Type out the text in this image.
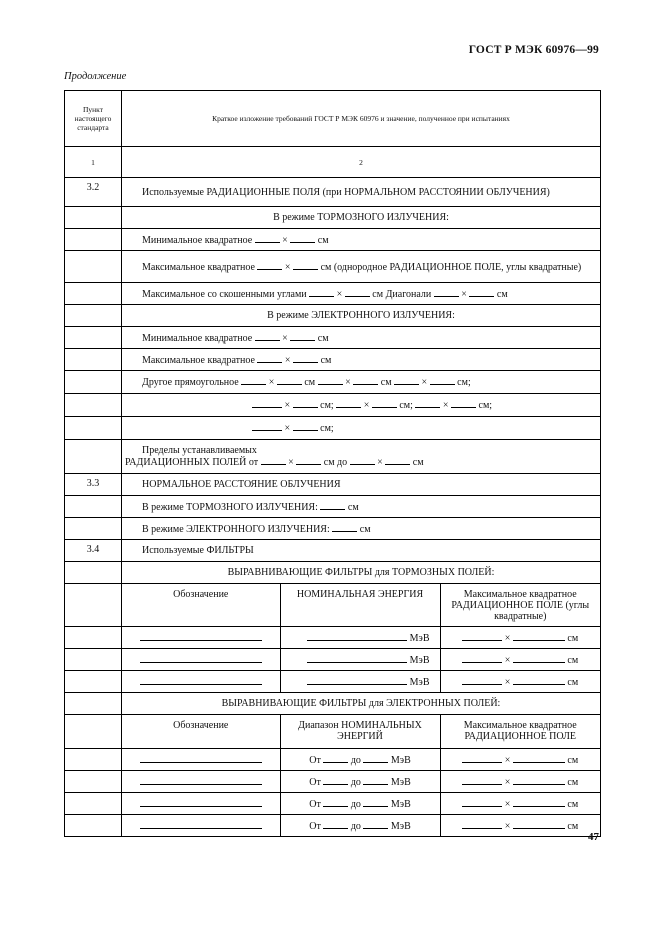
ГОСТ Р МЭК 60976—99
Продолжение
Пункт настоящего стандарта	Краткое изложение требований ГОСТ Р МЭК 60976 и значение, полученное при испытаниях
1	2
3.2	Используемые РАДИАЦИОННЫЕ ПОЛЯ (при НОРМАЛЬНОМ РАССТОЯНИИ ОБЛУЧЕНИЯ)
	В режиме ТОРМОЗНОГО ИЗЛУЧЕНИЯ:
	Минимальное квадратное	×	см
	Максимальное квадратное	×	см (однородное РАДИАЦИОННОЕ ПОЛЕ, углы квадратные)
	Максимальное со скошенными углами	×	см Диагонали	×	см
	В режиме ЭЛЕКТРОННОГО ИЗЛУЧЕНИЯ:
	Минимальное квадратное	×	см
	Максимальное квадратное	×	см
	Другое прямоугольное	×	см	×	см	×	см;
	×	см;	×	см;	×	см;
	×	см;

Пределы устанавливаемых
РАДИАЦИОННЫХ ПОЛЕЙ от	×	см до	×	см

3.3	НОРМАЛЬНОЕ РАССТОЯНИЕ ОБЛУЧЕНИЯ
	В режиме ТОРМОЗНОГО ИЗЛУЧЕНИЯ:	см
	В режиме ЭЛЕКТРОННОГО ИЗЛУЧЕНИЯ:	см
3.4	Используемые ФИЛЬТРЫ
	ВЫРАВНИВАЮЩИЕ ФИЛЬТРЫ для ТОРМОЗНЫХ ПОЛЕЙ:

Обозначение	НОМИНАЛЬНАЯ ЭНЕРГИЯ	Максимальное квадратное РАДИАЦИОННОЕ ПОЛЕ (углы квадратные)

	МэВ	×	см

	МэВ	×	см

	МэВ	×	см

	ВЫРАВНИВАЮЩИЕ ФИЛЬТРЫ для ЭЛЕКТРОННЫХ ПОЛЕЙ:

Обозначение	Диапазон НОМИНАЛЬНЫХ ЭНЕРГИЙ	Максимальное квадратное РАДИАЦИОННОЕ ПОЛЕ

	От	до	МэВ	×	см

	От	до	МэВ	×	см

	От	до	МэВ	×	см

	От	до	МэВ	×	см
47
